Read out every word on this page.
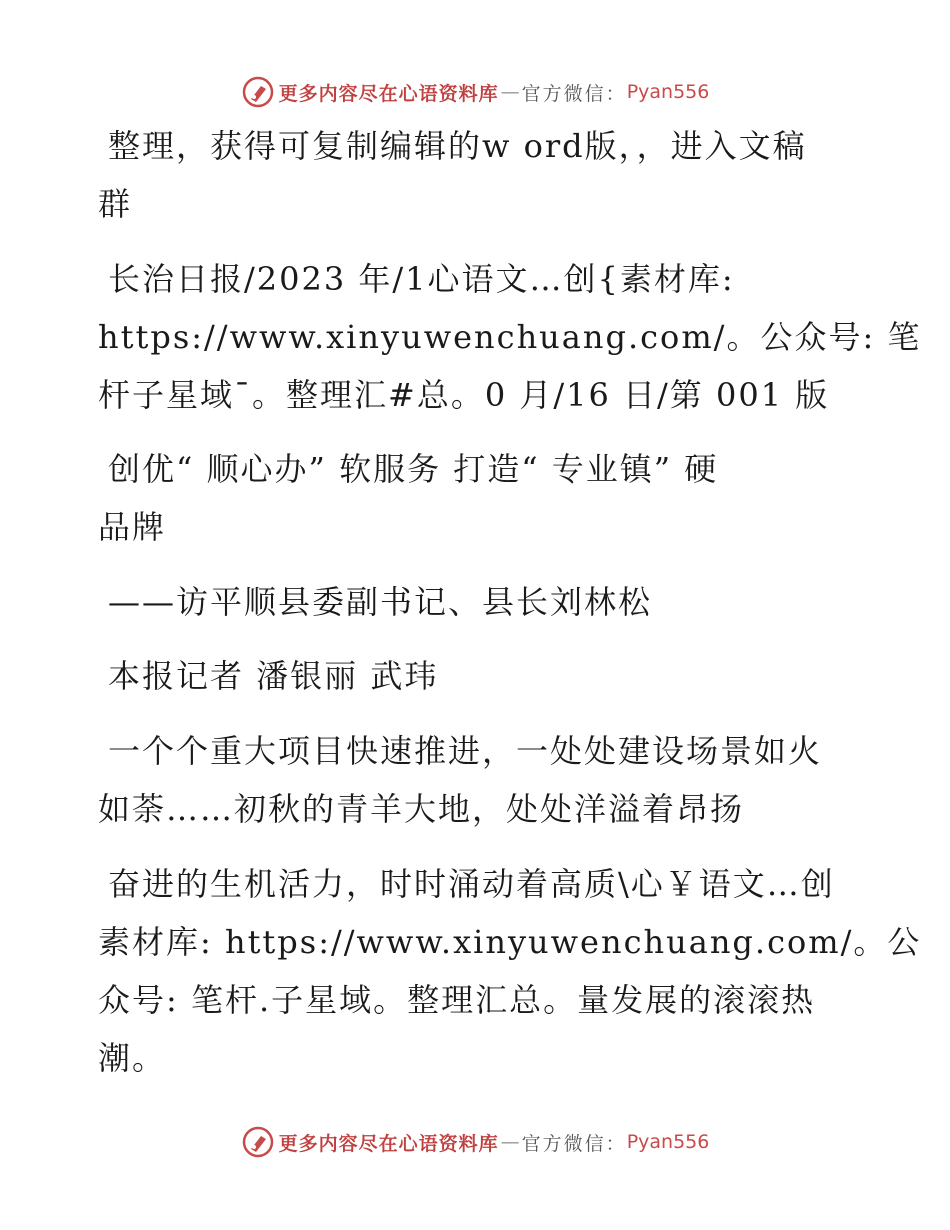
更多内容尽在心语资料库 — 官方微信： Pyan556
整理，获得可复制编辑的w ord版，，进入文稿
群
长治日报/2023 年/1心语文…创{素材库:
https://www.xinyuwenchuang.com/。公众号: 笔
杆子星域¯。整理汇#总。0 月/16 日/第 001 版
创优“ 顺心办” 软服务 打造“ 专业镇” 硬
品牌
——访平顺县委副书记、县长刘林松
本报记者 潘银丽 武玮
一个个重大项目快速推进，一处处建设场景如火
如荼……初秋的青羊大地，处处洋溢着昂扬
奋进的生机活力，时时涌动着高质\心￥语文…创
素材库: https://www.xinyuwenchuang.com/。公
众号: 笔杆.子星域。整理汇总。量发展的滚滚热
潮。
更多内容尽在心语资料库 — 官方微信： Pyan556
